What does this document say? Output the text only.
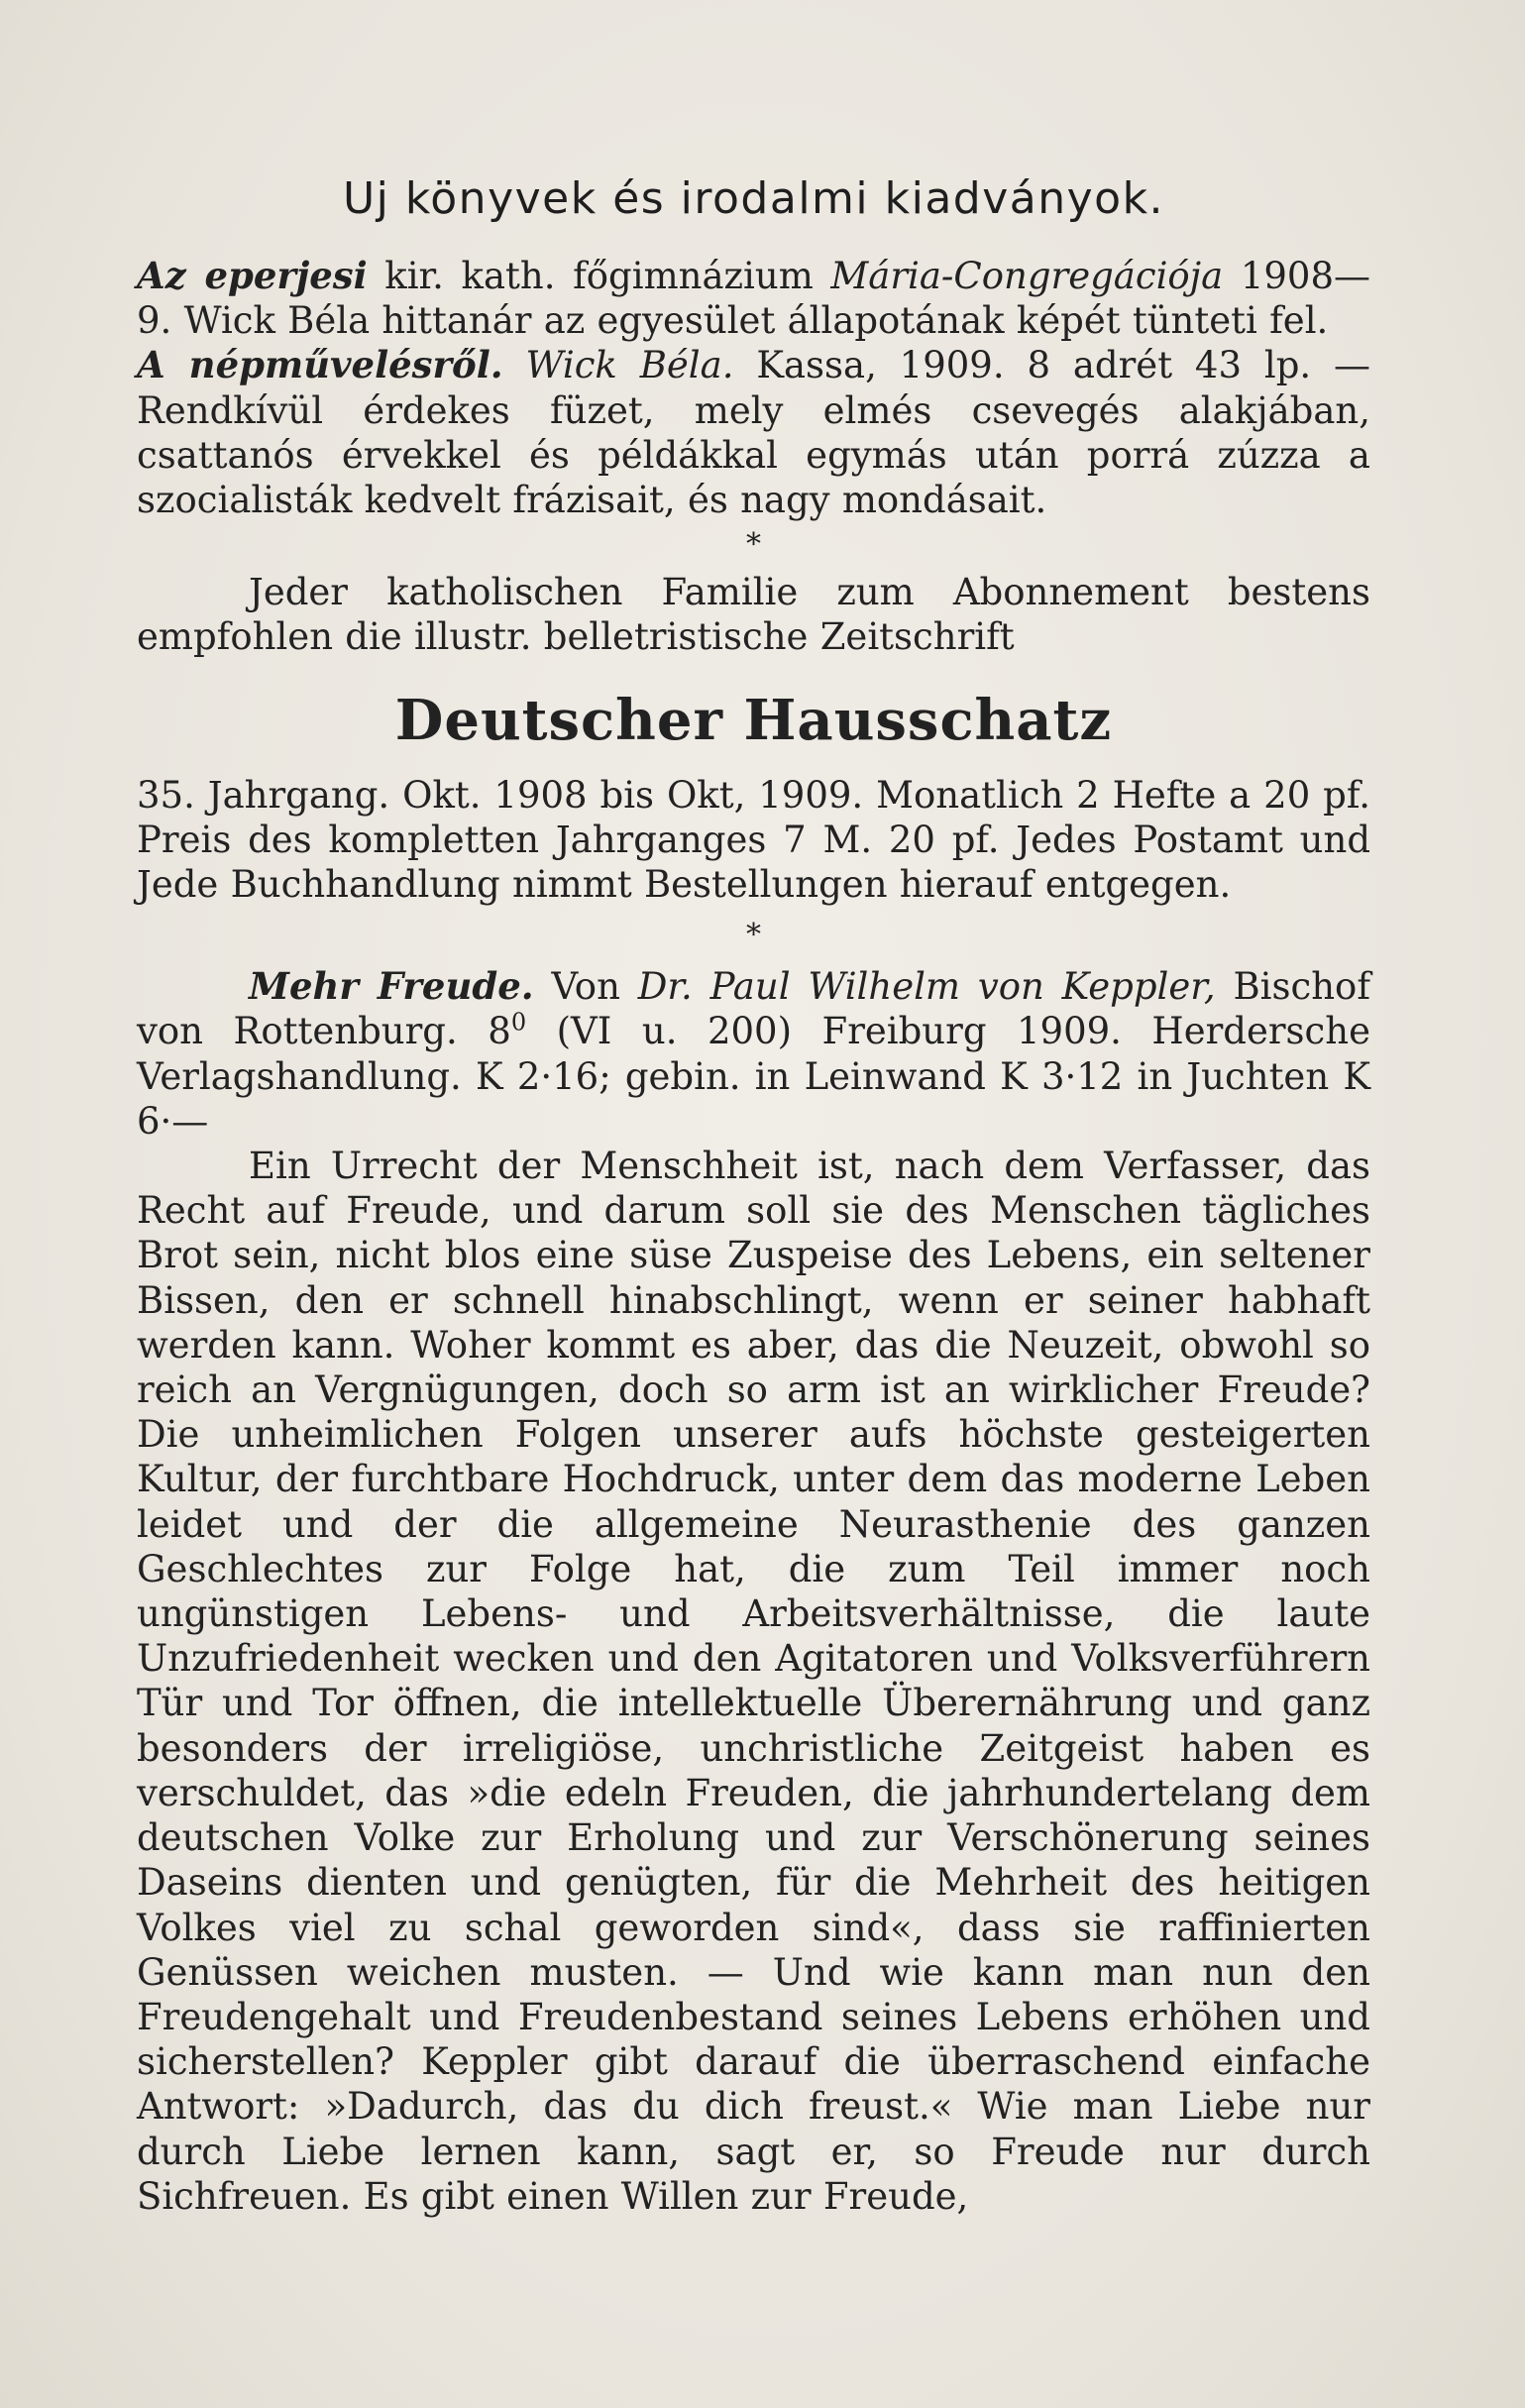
Uj könyvek és irodalmi kiadványok.

Az eperjesi kir. kath. főgimnázium Mária-Congregációja 1908—9. Wick Béla hittanár az egyesület állapotának képét tünteti fel.

A népművelésről. Wick Béla. Kassa, 1909. 8 adrét 43 lp. — Rendkívül érdekes füzet, mely elmés csevegés alakjában, csattanós érvekkel és példákkal egymás után porrá zúzza a szocialisták kedvelt frázisait, és nagy mondásait.

*

Jeder katholischen Familie zum Abonnement bestens empfohlen die illustr. belletristische Zeitschrift

Deutscher Hausschatz

35. Jahrgang. Okt. 1908 bis Okt, 1909. Monatlich 2 Hefte a 20 pf. Preis des kompletten Jahrganges 7 M. 20 pf. Jedes Postamt und Jede Buchhandlung nimmt Bestellungen hierauf entgegen.

*

Mehr Freude. Von Dr. Paul Wilhelm von Keppler, Bischof von Rottenburg. $8^0$ (VI u. 200) Freiburg 1909. Herdersche Verlagshandlung. K 2·16; gebin. in Leinwand K 3·12 in Juchten K 6·—

Ein Urrecht der Menschheit ist, nach dem Verfasser, das Recht auf Freude, und darum soll sie des Menschen tägliches Brot sein, nicht blos eine süse Zuspeise des Lebens, ein seltener Bissen, den er schnell hinabschlingt, wenn er seiner habhaft werden kann. Woher kommt es aber, das die Neuzeit, obwohl so reich an Vergnügungen, doch so arm ist an wirklicher Freude? Die unheimlichen Folgen unserer aufs höchste gesteigerten Kultur, der furchtbare Hochdruck, unter dem das moderne Leben leidet und der die allgemeine Neurasthenie des ganzen Geschlechtes zur Folge hat, die zum Teil immer noch ungünstigen Lebens- und Arbeitsverhältnisse, die laute Unzufriedenheit wecken und den Agitatoren und Volksverführern Tür und Tor öffnen, die intellektuelle Überernährung und ganz besonders der irreligiöse, unchristliche Zeitgeist haben es verschuldet, das »die edeln Freuden, die jahrhundertelang dem deutschen Volke zur Erholung und zur Verschönerung seines Daseins dienten und genügten, für die Mehrheit des heitigen Volkes viel zu schal geworden sind«, dass sie raffinierten Genüssen weichen musten. — Und wie kann man nun den Freudengehalt und Freudenbestand seines Lebens erhöhen und sicherstellen? Keppler gibt darauf die überraschend einfache Antwort: »Dadurch, das du dich freust.« Wie man Liebe nur durch Liebe lernen kann, sagt er, so Freude nur durch Sichfreuen. Es gibt einen Willen zur Freude,
